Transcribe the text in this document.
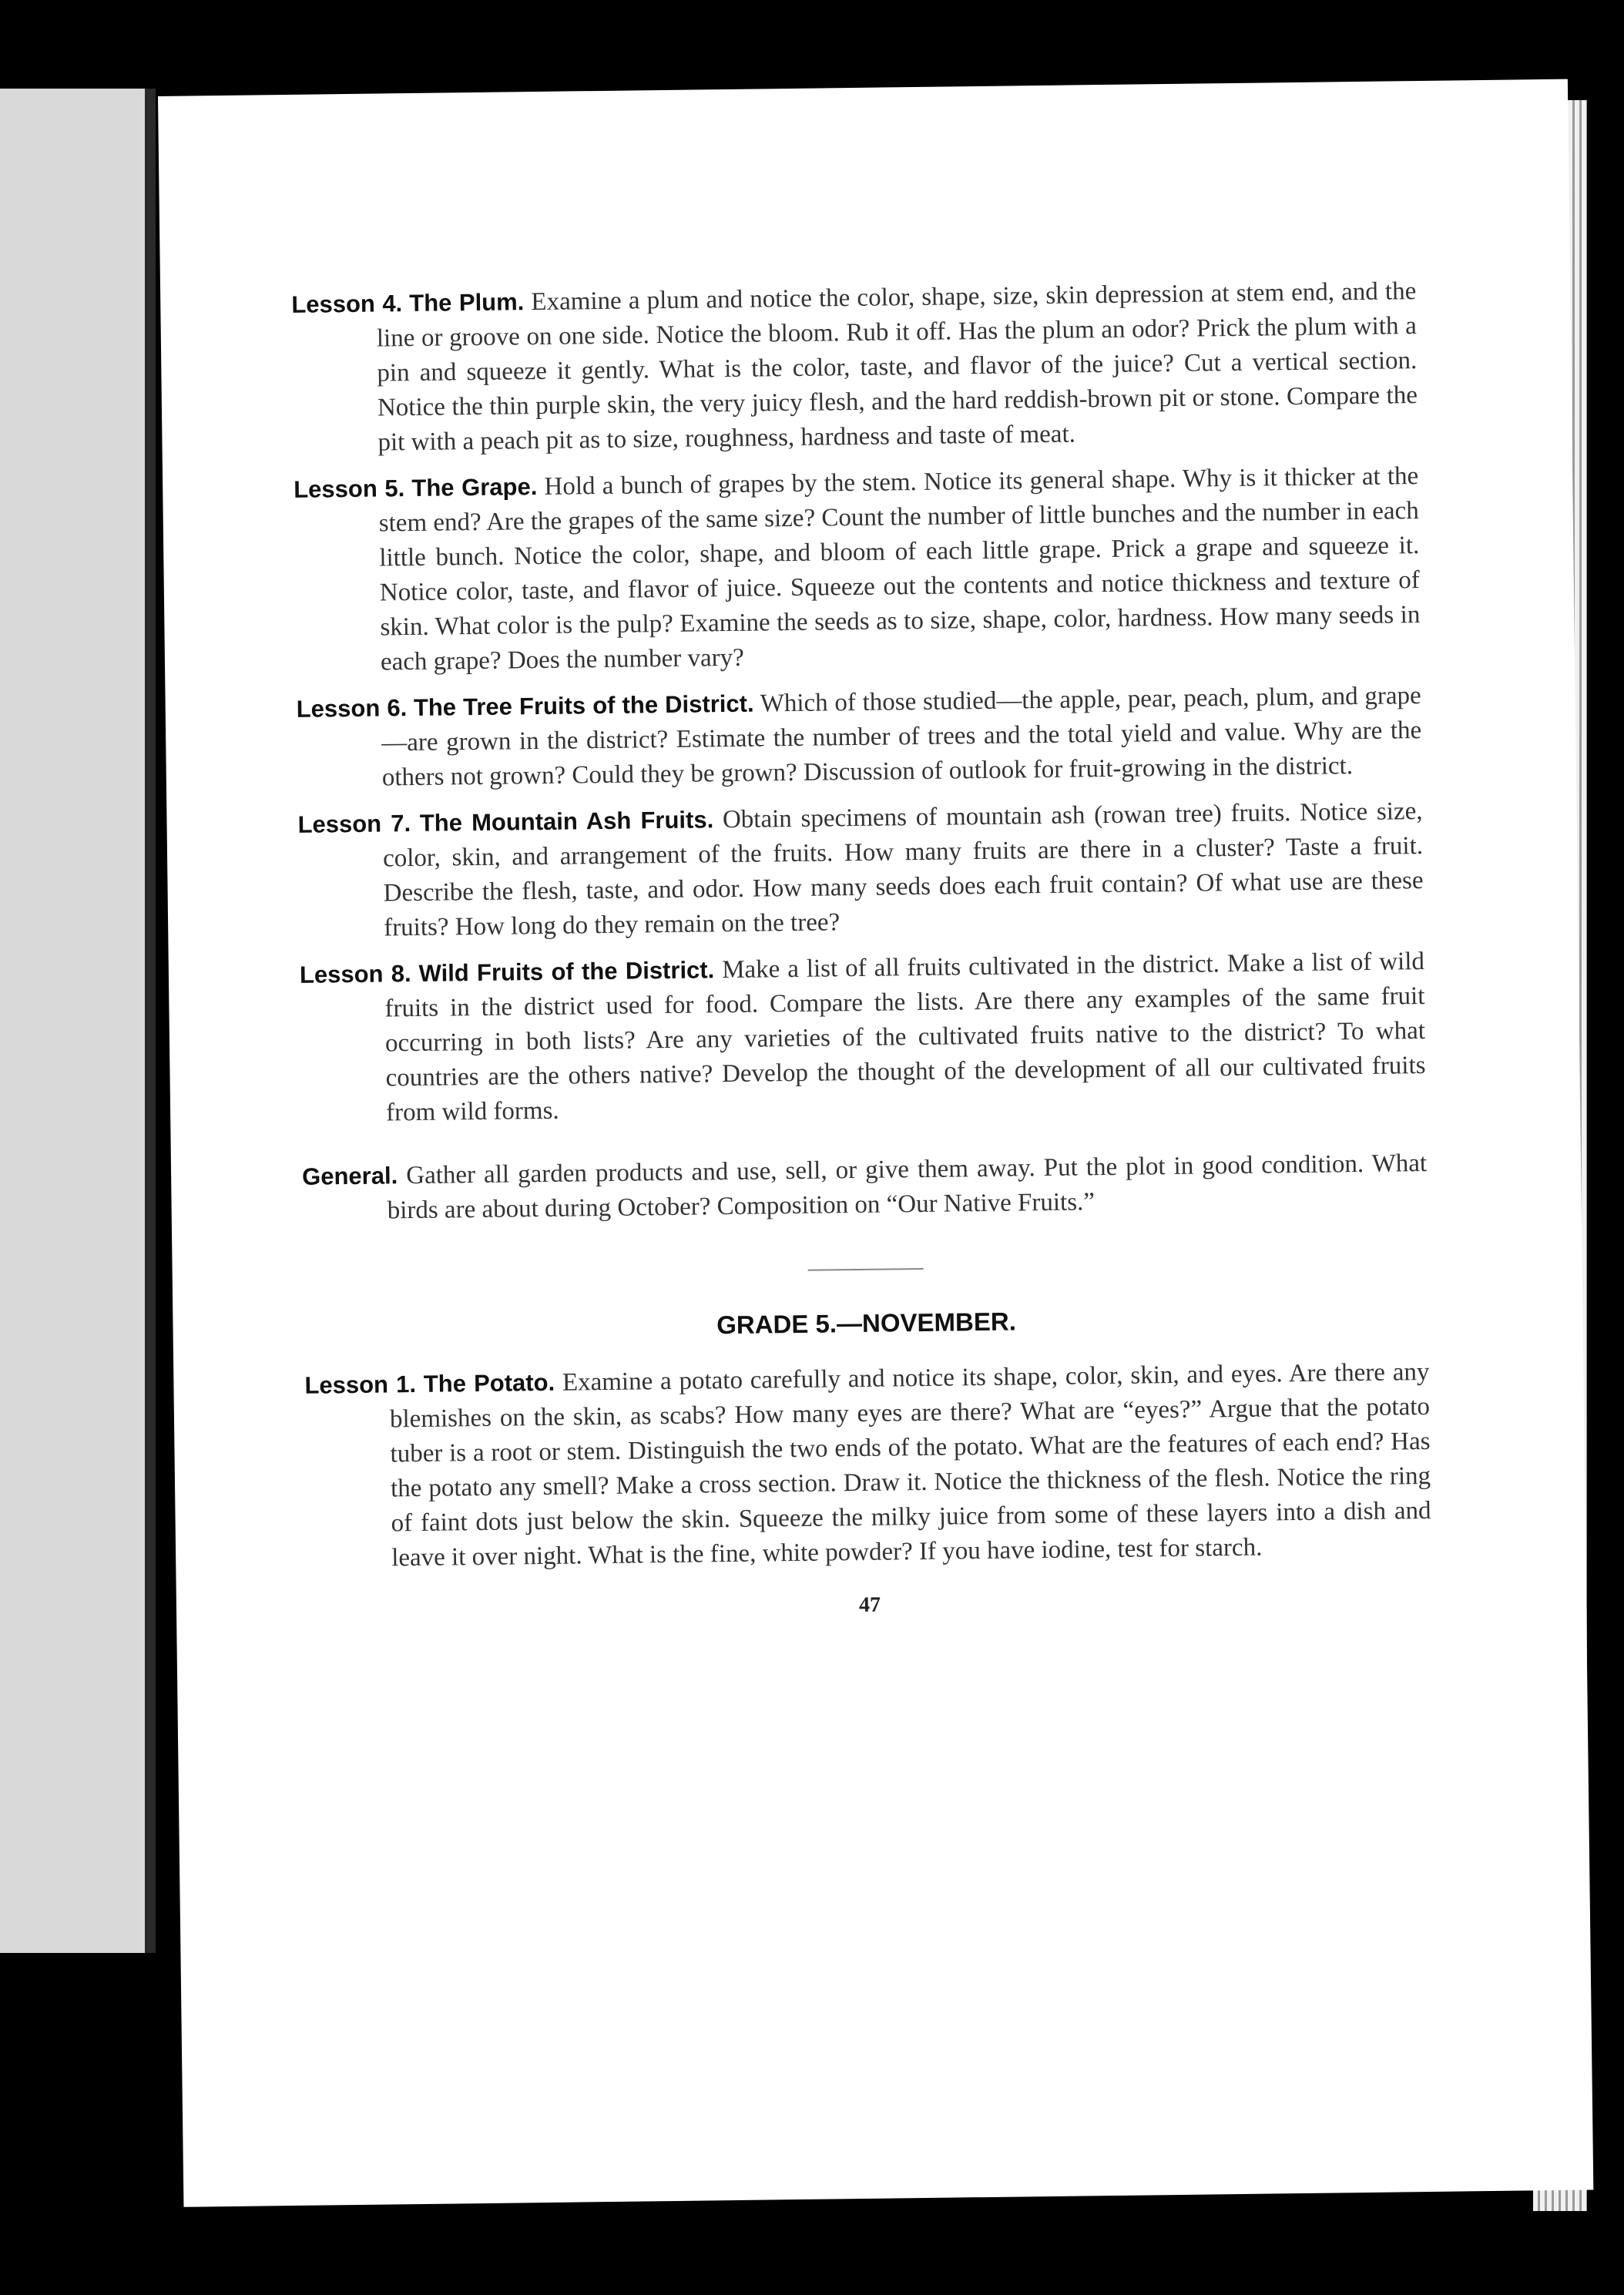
Lesson 4. The Plum. Examine a plum and notice the color, shape, size, skin depression at stem end, and the line or groove on one side. Notice the bloom. Rub it off. Has the plum an odor? Prick the plum with a pin and squeeze it gently. What is the color, taste, and flavor of the juice? Cut a vertical section. Notice the thin purple skin, the very juicy flesh, and the hard reddish-brown pit or stone. Compare the pit with a peach pit as to size, roughness, hardness and taste of meat.
Lesson 5. The Grape. Hold a bunch of grapes by the stem. Notice its general shape. Why is it thicker at the stem end? Are the grapes of the same size? Count the number of little bunches and the number in each little bunch. Notice the color, shape, and bloom of each little grape. Prick a grape and squeeze it. Notice color, taste, and flavor of juice. Squeeze out the contents and notice thickness and texture of skin. What color is the pulp? Examine the seeds as to size, shape, color, hardness. How many seeds in each grape? Does the number vary?
Lesson 6. The Tree Fruits of the District. Which of those studied—the apple, pear, peach, plum, and grape—are grown in the district? Estimate the number of trees and the total yield and value. Why are the others not grown? Could they be grown? Discussion of outlook for fruit-growing in the district.
Lesson 7. The Mountain Ash Fruits. Obtain specimens of mountain ash (rowan tree) fruits. Notice size, color, skin, and arrangement of the fruits. How many fruits are there in a cluster? Taste a fruit. Describe the flesh, taste, and odor. How many seeds does each fruit contain? Of what use are these fruits? How long do they remain on the tree?
Lesson 8. Wild Fruits of the District. Make a list of all fruits cultivated in the district. Make a list of wild fruits in the district used for food. Compare the lists. Are there any examples of the same fruit occurring in both lists? Are any varieties of the cultivated fruits native to the district? To what countries are the others native? Develop the thought of the development of all our cultivated fruits from wild forms.
General. Gather all garden products and use, sell, or give them away. Put the plot in good condition. What birds are about during October? Composition on “Our Native Fruits.”
GRADE 5.—NOVEMBER.
Lesson 1. The Potato. Examine a potato carefully and notice its shape, color, skin, and eyes. Are there any blemishes on the skin, as scabs? How many eyes are there? What are “eyes?” Argue that the potato tuber is a root or stem. Distinguish the two ends of the potato. What are the features of each end? Has the potato any smell? Make a cross section. Draw it. Notice the thickness of the flesh. Notice the ring of faint dots just below the skin. Squeeze the milky juice from some of these layers into a dish and leave it over night. What is the fine, white powder? If you have iodine, test for starch.
47
